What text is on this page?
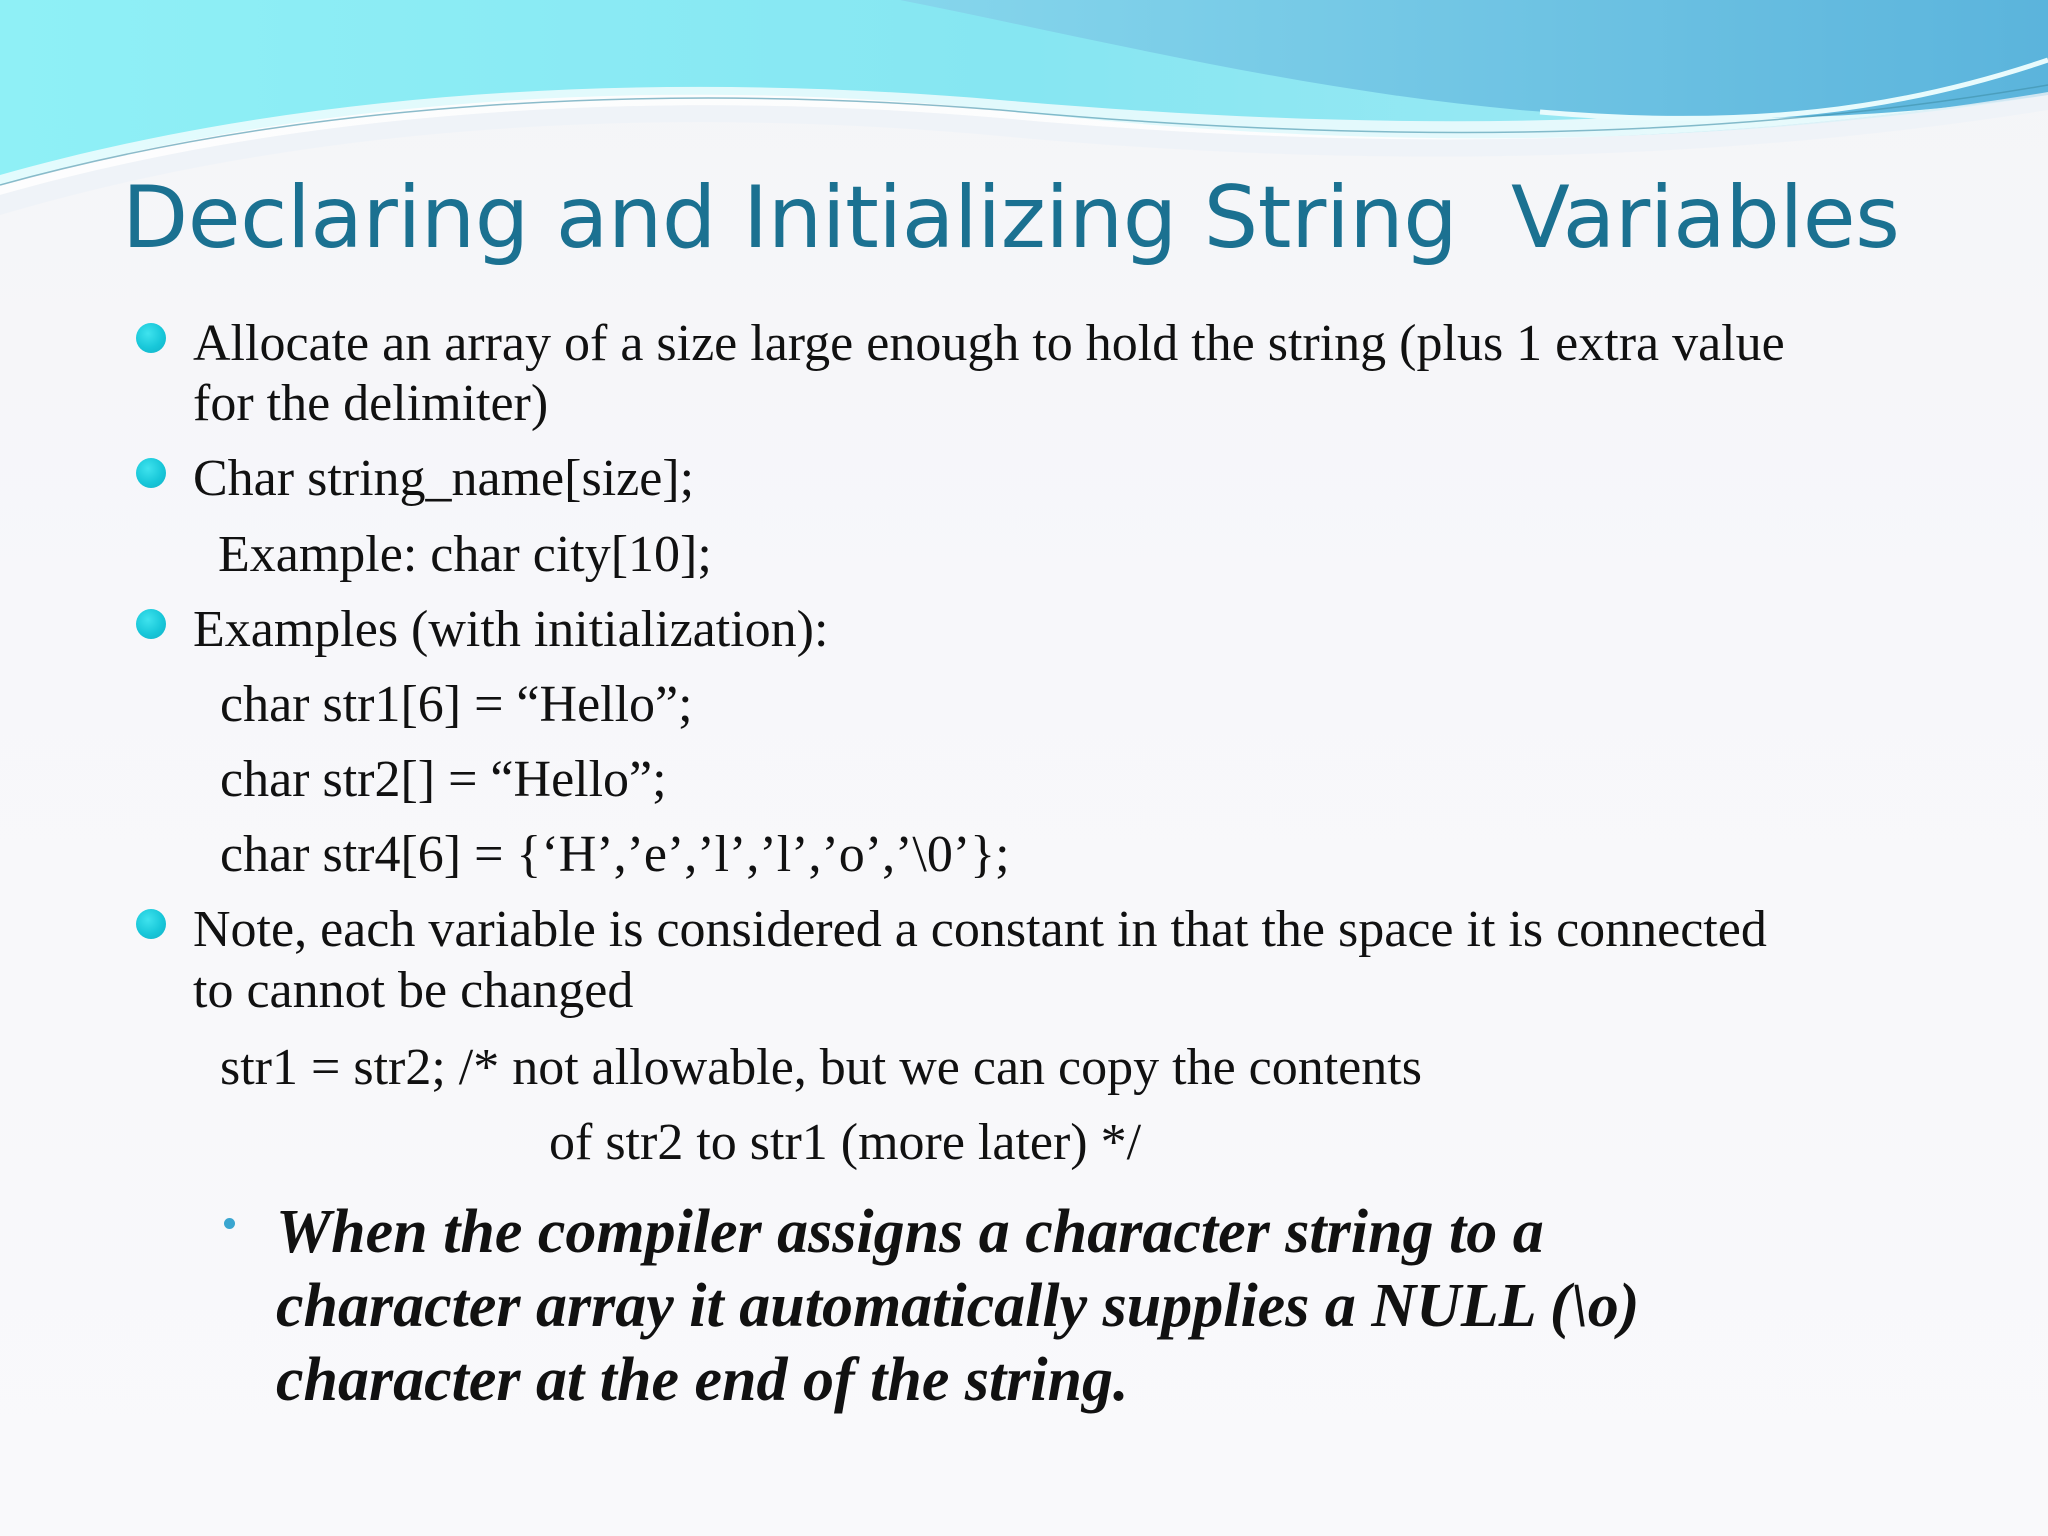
Declaring and Initializing String  Variables
Allocate an array of a size large enough to hold the string (plus 1 extra value
for the delimiter)
Char string_name[size];
Example: char city[10];
Examples (with initialization):
char str1[6] = “Hello”;
char str2[] = “Hello”;
char str4[6] = {‘H’,’e’,’l’,’l’,’o’,’\0’};
Note, each variable is considered a constant in that the space it is connected
to cannot be changed
str1 = str2; /* not allowable, but we can copy the contents
of str2 to str1 (more later) */
When the compiler assigns a character string to a
character array it automatically supplies a NULL (\o)
character at the end of the string.
